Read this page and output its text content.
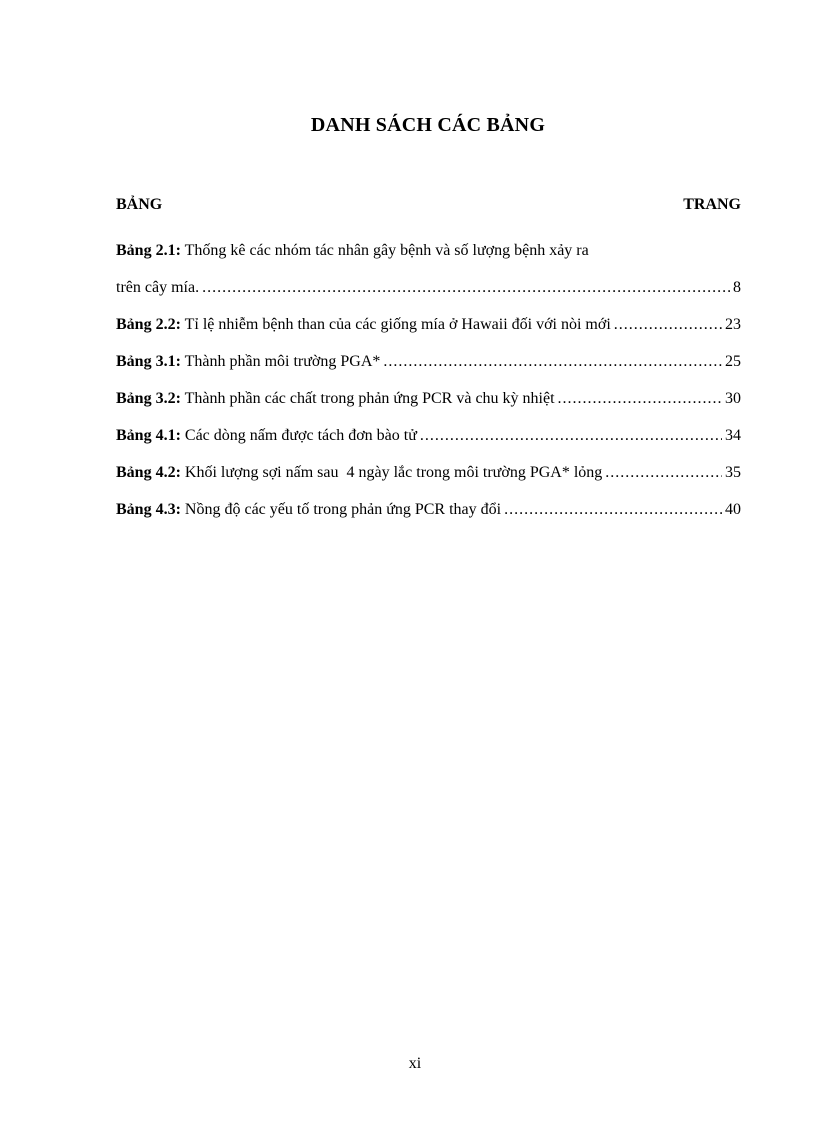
DANH SÁCH CÁC BẢNG
BẢNG	TRANG
Bảng 2.1: Thống kê các nhóm tác nhân gây bệnh và số lượng bệnh xảy ra
trên cây mía. .....	8
Bảng 2.2: Tỉ lệ nhiễm bệnh than của các giống mía ở Hawaii đối với nòi mới .....	23
Bảng 3.1: Thành phần môi trường PGA* .....	25
Bảng 3.2: Thành phần các chất trong phản ứng PCR và chu kỳ nhiệt .....	30
Bảng 4.1: Các dòng nấm được tách đơn bào tử .....	34
Bảng 4.2: Khối lượng sợi nấm sau  4 ngày lắc trong môi trường PGA* lỏng .....	35
Bảng 4.3: Nồng độ các yếu tố trong phản ứng PCR thay đổi .....	40
xi
